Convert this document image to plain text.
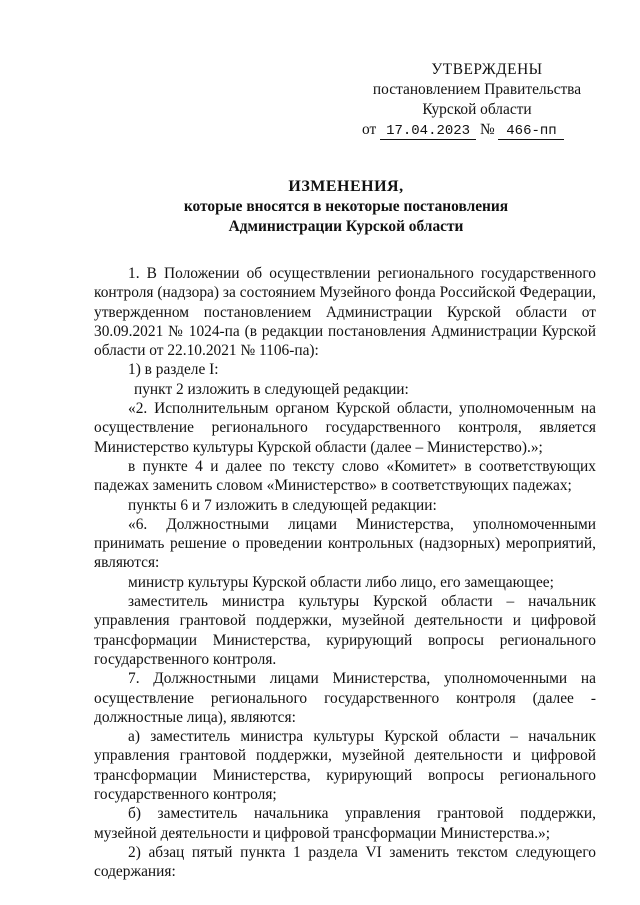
УТВЕРЖДЕНЫ
постановлением Правительства
Курской области
от 17.04.2023 № 466-пп
ИЗМЕНЕНИЯ,
которые вносятся в некоторые постановления
Администрации Курской области

1. В Положении об осуществлении регионального государственного контроля (надзора) за состоянием Музейного фонда Российской Федерации, утвержденном постановлением Администрации Курской области от 30.09.2021 № 1024-па (в редакции постановления Администрации Курской области от 22.10.2021 № 1106-па):

1) в разделе I:

пункт 2 изложить в следующей редакции:

«2. Исполнительным органом Курской области, уполномоченным на осуществление регионального государственного контроля, является Министерство культуры Курской области (далее – Министерство).»;

в пункте 4 и далее по тексту слово «Комитет» в соответствующих падежах заменить словом «Министерство» в соответствующих падежах;

пункты 6 и 7 изложить в следующей редакции:

«6. Должностными лицами Министерства, уполномоченными принимать решение о проведении контрольных (надзорных) мероприятий, являются:

министр культуры Курской области либо лицо, его замещающее;

заместитель министра культуры Курской области – начальник управления грантовой поддержки, музейной деятельности и цифровой трансформации Министерства, курирующий вопросы регионального государственного контроля.

7. Должностными лицами Министерства, уполномоченными на осуществление регионального государственного контроля (далее - должностные лица), являются:

а) заместитель министра культуры Курской области – начальник управления грантовой поддержки, музейной деятельности и цифровой трансформации Министерства, курирующий вопросы регионального государственного контроля;

б) заместитель начальника управления грантовой поддержки, музейной деятельности и цифровой трансформации Министерства.»;

2) абзац пятый пункта 1 раздела VI заменить текстом следующего содержания:
